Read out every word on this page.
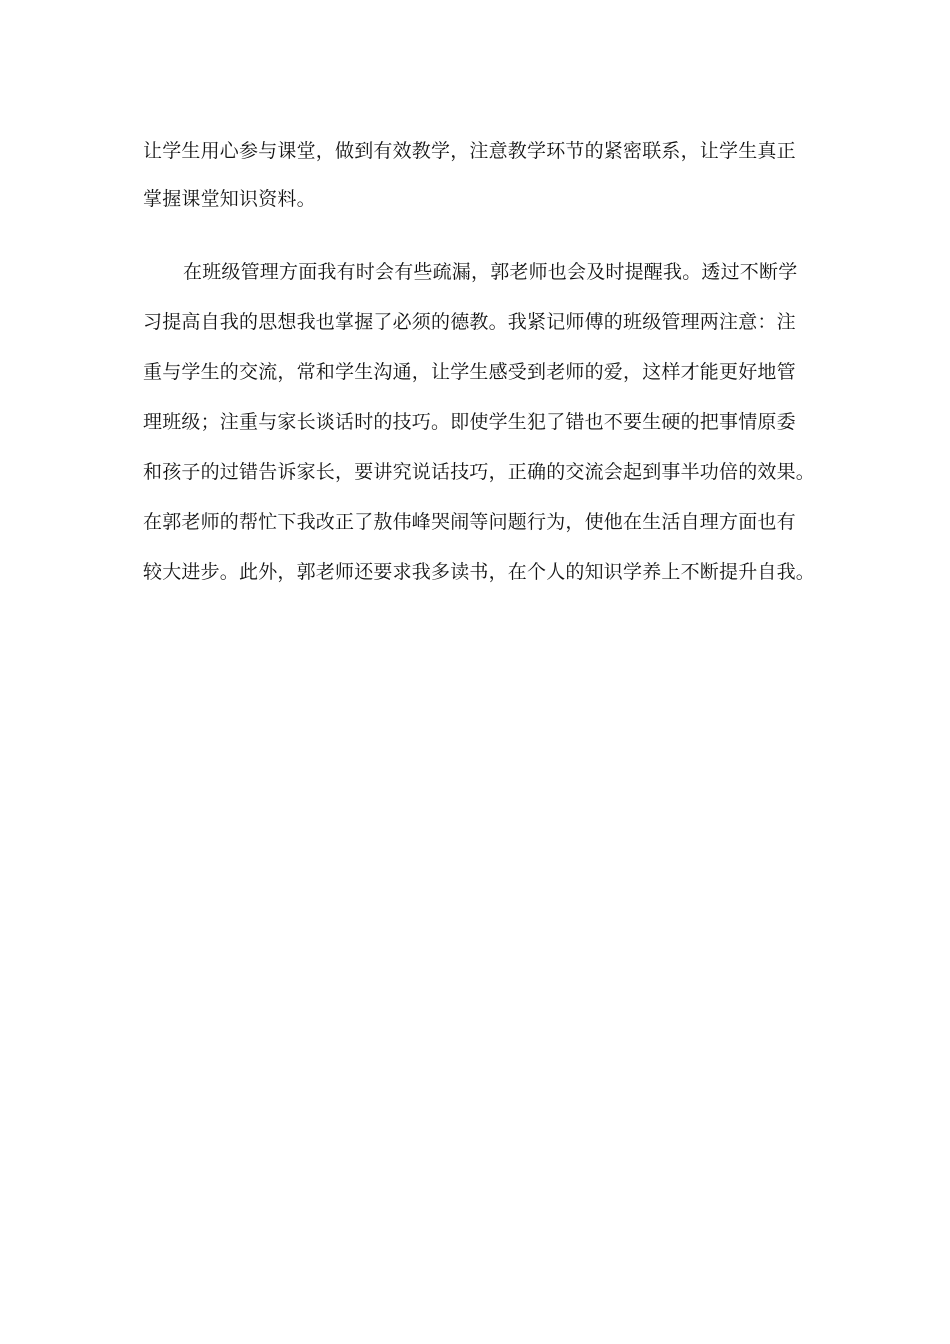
让学生用心参与课堂，做到有效教学，注意教学环节的紧密联系，让学生真正

掌握课堂知识资料。

在班级管理方面我有时会有些疏漏，郭老师也会及时提醒我。透过不断学

习提高自我的思想我也掌握了必须的德教。我紧记师傅的班级管理两注意：注

重与学生的交流，常和学生沟通，让学生感受到老师的爱，这样才能更好地管

理班级；注重与家长谈话时的技巧。即使学生犯了错也不要生硬的把事情原委

和孩子的过错告诉家长，要讲究说话技巧，正确的交流会起到事半功倍的效果。

在郭老师的帮忙下我改正了敖伟峰哭闹等问题行为，使他在生活自理方面也有

较大进步。此外，郭老师还要求我多读书，在个人的知识学养上不断提升自我。
